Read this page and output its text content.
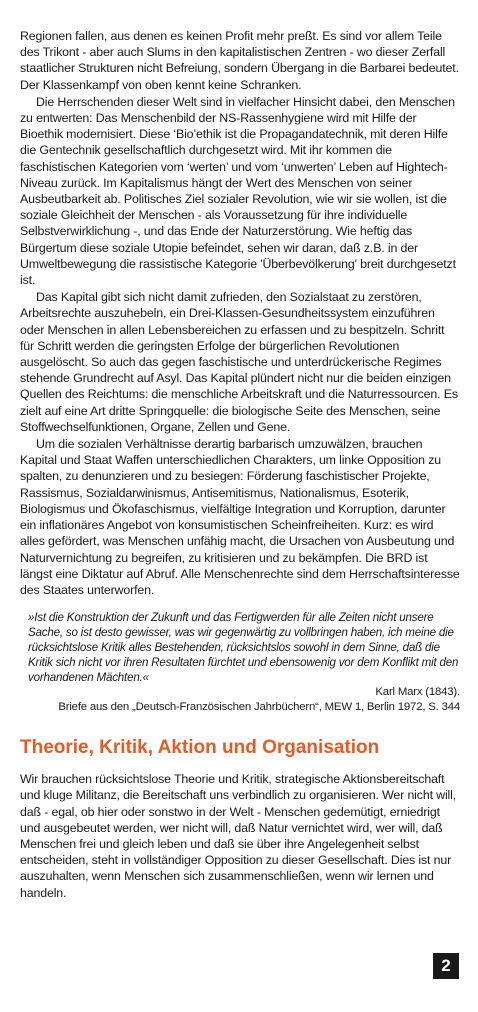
Regionen fallen, aus denen es keinen Profit mehr preßt. Es sind vor allem Teile des Trikont - aber auch Slums in den kapitalistischen Zentren - wo dieser Zerfall staatlicher Strukturen nicht Befreiung, sondern Übergang in die Barbarei bedeutet. Der Klassenkampf von oben kennt keine Schranken.

Die Herrschenden dieser Welt sind in vielfacher Hinsicht dabei, den Menschen zu entwerten: Das Menschenbild der NS-Rassenhygiene wird mit Hilfe der Bioethik modernisiert. Diese ‘Bio’ethik ist die Propagandatechnik, mit deren Hilfe die Gentechnik gesellschaftlich durchgesetzt wird. Mit ihr kommen die faschistischen Kategorien vom ‘werten’ und vom ‘unwerten’ Leben auf Hightech-Niveau zurück. Im Kapitalismus hängt der Wert des Menschen von seiner Ausbeutbarkeit ab. Politisches Ziel sozialer Revolution, wie wir sie wollen, ist die soziale Gleichheit der Menschen - als Voraussetzung für ihre individuelle Selbstverwirklichung -, und das Ende der Naturzerstörung. Wie heftig das Bürgertum diese soziale Utopie befeindet, sehen wir daran, daß z.B. in der Umweltbewegung die rassistische Kategorie 'Überbevölkerung' breit durchgesetzt ist.

Das Kapital gibt sich nicht damit zufrieden, den Sozialstaat zu zerstören, Arbeitsrechte auszuhebeln, ein Drei-Klassen-Gesundheitssystem einzuführen oder Menschen in allen Lebensbereichen zu erfassen und zu bespitzeln. Schritt für Schritt werden die geringsten Erfolge der bürgerlichen Revolutionen ausgelöscht. So auch das gegen faschistische und unterdrückerische Regimes stehende Grundrecht auf Asyl. Das Kapital plündert nicht nur die beiden einzigen Quellen des Reichtums: die menschliche Arbeitskraft und die Naturressourcen. Es zielt auf eine Art dritte Springquelle: die biologische Seite des Menschen, seine Stoffwechselfunktionen, Organe, Zellen und Gene.

Um die sozialen Verhältnisse derartig barbarisch umzuwälzen, brauchen Kapital und Staat Waffen unterschiedlichen Charakters, um linke Opposition zu spalten, zu denunzieren und zu besiegen: Förderung faschistischer Projekte, Rassismus, Sozialdarwinismus, Antisemitismus, Nationalismus, Esoterik, Biologismus und Ökofaschismus, vielfältige Integration und Korruption, darunter ein inflationäres Angebot von konsumistischen Scheinfreiheiten. Kurz: es wird alles gefördert, was Menschen unfähig macht, die Ursachen von Ausbeutung und Naturvernichtung zu begreifen, zu kritisieren und zu bekämpfen. Die BRD ist längst eine Diktatur auf Abruf. Alle Menschenrechte sind dem Herrschaftsinteresse des Staates unterworfen.

»Ist die Konstruktion der Zukunft und das Fertigwerden für alle Zeiten nicht unsere Sache, so ist desto gewisser, was wir gegenwärtig zu vollbringen haben, ich meine die rücksichtslose Kritik alles Bestehenden, rücksichtslos sowohl in dem Sinne, daß die Kritik sich nicht vor ihren Resultaten fürchtet und ebensowenig vor dem Konflikt mit den vorhandenen Mächten.«

Karl Marx (1843).

Briefe aus den „Deutsch-Französischen Jahrbüchern“, MEW 1, Berlin 1972, S. 344

Theorie, Kritik, Aktion und Organisation

Wir brauchen rücksichtslose Theorie und Kritik, strategische Aktionsbereitschaft und kluge Militanz, die Bereitschaft uns verbindlich zu organisieren. Wer nicht will, daß - egal, ob hier oder sonstwo in der Welt - Menschen gedemütigt, erniedrigt und ausgebeutet werden, wer nicht will, daß Natur vernichtet wird, wer will, daß Menschen frei und gleich leben und daß sie über ihre Angelegenheit selbst entscheiden, steht in vollständiger Opposition zu dieser Gesellschaft. Dies ist nur auszuhalten, wenn Menschen sich zusammenschließen, wenn wir lernen und handeln.

2
